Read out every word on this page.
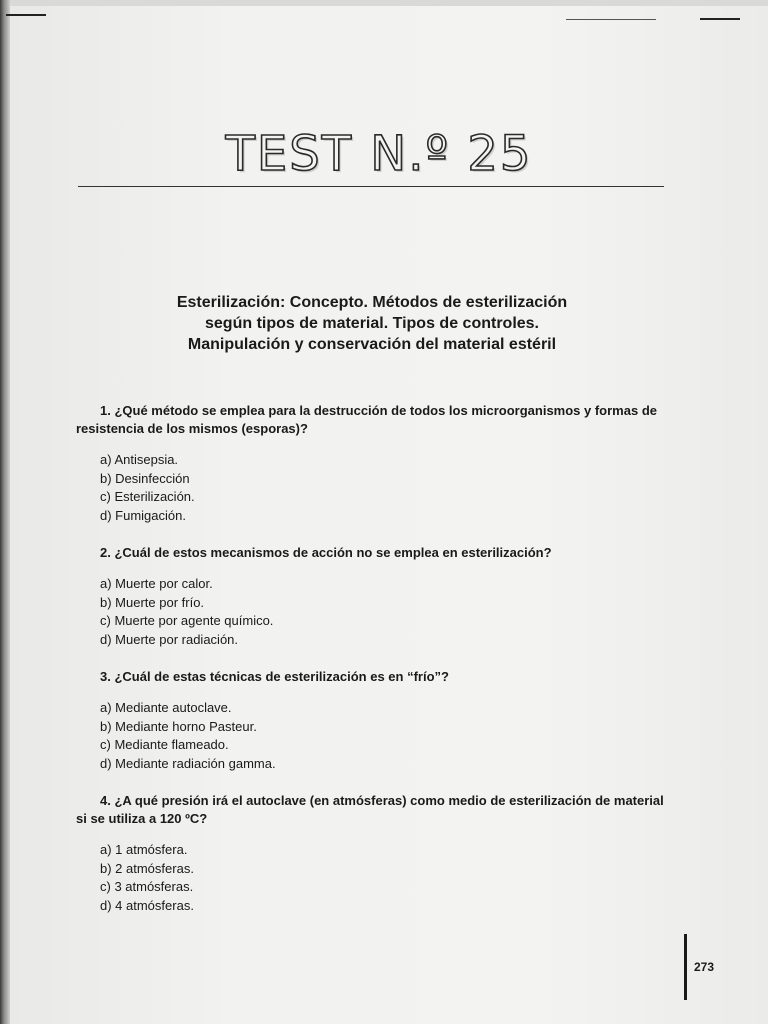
TEST N.º 25
Esterilización: Concepto. Métodos de esterilización
según tipos de material. Tipos de controles.
Manipulación y conservación del material estéril

1. ¿Qué método se emplea para la destrucción de todos los microorganismos y formas de resistencia de los mismos (esporas)?

a) Antisepsia.
b) Desinfección
c) Esterilización.
d) Fumigación.

2. ¿Cuál de estos mecanismos de acción no se emplea en esterilización?

a) Muerte por calor.
b) Muerte por frío.
c) Muerte por agente químico.
d) Muerte por radiación.

3. ¿Cuál de estas técnicas de esterilización es en “frío”?

a) Mediante autoclave.
b) Mediante horno Pasteur.
c) Mediante flameado.
d) Mediante radiación gamma.

4. ¿A qué presión irá el autoclave (en atmósferas) como medio de esterilización de material si se utiliza a 120 ºC?

a) 1 atmósfera.
b) 2 atmósferas.
c) 3 atmósferas.
d) 4 atmósferas.
273
